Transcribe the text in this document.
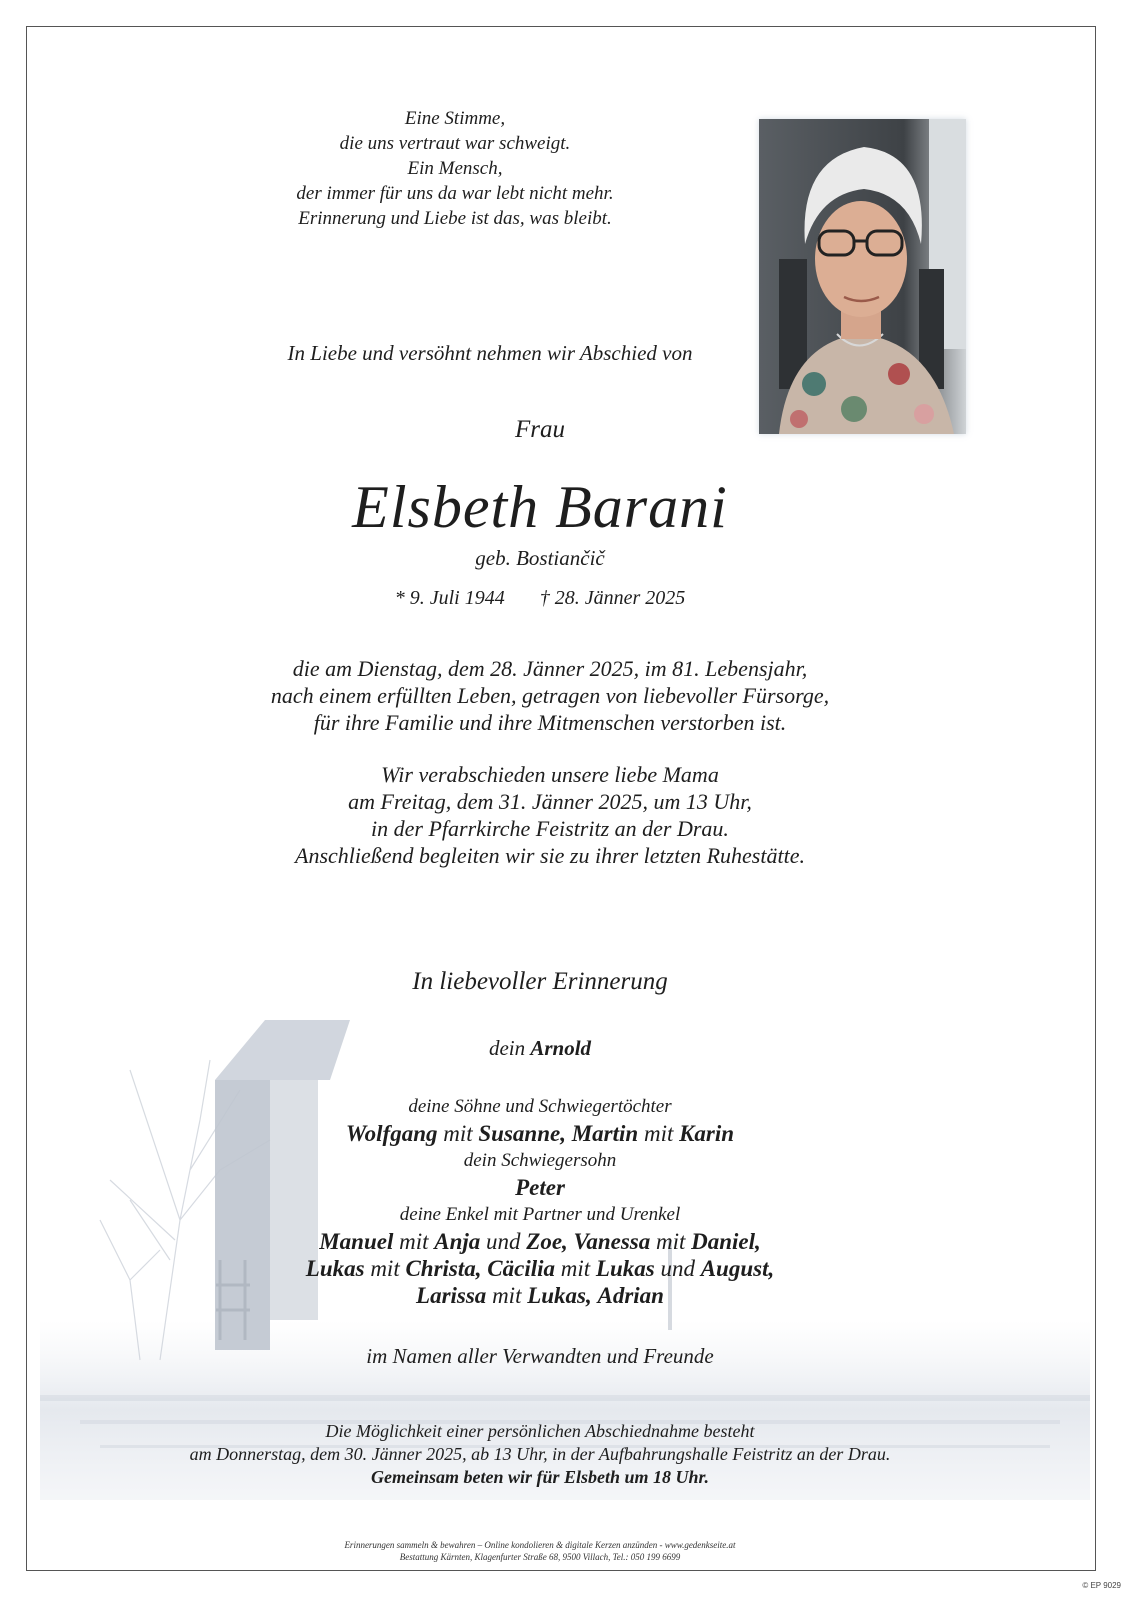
Eine Stimme,
die uns vertraut war schweigt.
Ein Mensch,
der immer für uns da war lebt nicht mehr.
Erinnerung und Liebe ist das, was bleibt.
In Liebe und versöhnt nehmen wir Abschied von
Frau
Elsbeth Barani
geb. Bostiančič
* 9. Juli 1944 † 28. Jänner 2025
die am Dienstag, dem 28. Jänner 2025, im 81. Lebensjahr,
nach einem erfüllten Leben, getragen von liebevoller Fürsorge,
für ihre Familie und ihre Mitmenschen verstorben ist.
Wir verabschieden unsere liebe Mama
am Freitag, dem 31. Jänner 2025, um 13 Uhr,
in der Pfarrkirche Feistritz an der Drau.
Anschließend begleiten wir sie zu ihrer letzten Ruhestätte.
In liebevoller Erinnerung
dein Arnold
deine Söhne und Schwiegertöchter
Wolfgang mit Susanne, Martin mit Karin
dein Schwiegersohn
Peter
deine Enkel mit Partner und Urenkel
Manuel mit Anja und Zoe, Vanessa mit Daniel,
Lukas mit Christa, Cäcilia mit Lukas und August,
Larissa mit Lukas, Adrian
im Namen aller Verwandten und Freunde
Die Möglichkeit einer persönlichen Abschiednahme besteht
am Donnerstag, dem 30. Jänner 2025, ab 13 Uhr, in der Aufbahrungshalle Feistritz an der Drau.
Gemeinsam beten wir für Elsbeth um 18 Uhr.
Erinnerungen sammeln & bewahren – Online kondolieren & digitale Kerzen anzünden - www.gedenkseite.at
Bestattung Kärnten, Klagenfurter Straße 68, 9500 Villach, Tel.: 050 199 6699
© EP 9029
